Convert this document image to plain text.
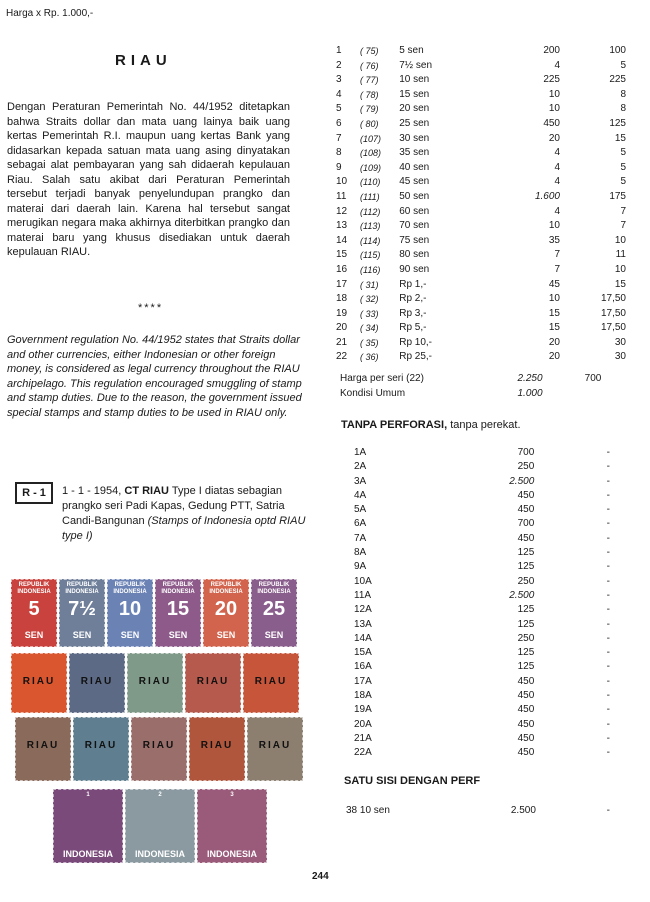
Harga x Rp. 1.000,-
RIAU
Dengan Peraturan Pemerintah No. 44/1952 ditetapkan bahwa Straits dollar dan mata uang lainya baik uang kertas Pemerintah R.I. maupun uang kertas Bank yang didasarkan kepada satuan mata uang asing dinyatakan sebagai alat pembayaran yang sah didaerah kepulauan Riau. Salah satu akibat dari Peraturan Pemerintah tersebut terjadi banyak penyelundupan prangko dan materai dari daerah lain. Karena hal tersebut sangat merugikan negara maka akhirnya diterbitkan prangko dan materai baru yang khusus disediakan untuk daerah kepulauan RIAU.
****
Government regulation No. 44/1952 states that Straits dollar and other currencies, either Indonesian or other foreign money, is considered as legal currency throughout the RIAU archipelago. This regulation encouraged smuggling of stamp and stamp duties. Due to the reason, the government issued special stamps and stamp duties to be used in RIAU only.
R - 1	1 - 1 - 1954, CT RIAU Type I diatas sebagian prangko seri Padi Kapas, Gedung PTT, Satria Candi-Bangunan (Stamps of Indonesia optd RIAU type I)
REPUBLIK INDONESIA
5
SEN
REPUBLIK INDONESIA
7½
SEN
REPUBLIK INDONESIA
10
SEN
REPUBLIK INDONESIA
15
SEN
REPUBLIK INDONESIA
20
SEN
REPUBLIK INDONESIA
25
SEN
RIAU	RIAU	RIAU	RIAU	RIAU
RIAU	RIAU	RIAU	RIAU	RIAU
1
INDONESIA
2
INDONESIA
3
INDONESIA
1	( 75)	5 sen	200	100
2	( 76)	7½ sen	4	5
3	( 77)	10 sen	225	225
4	( 78)	15 sen	10	8
5	( 79)	20 sen	10	8
6	( 80)	25 sen	450	125
7	(107)	30 sen	20	15
8	(108)	35 sen	4	5
9	(109)	40 sen	4	5
10	(110)	45 sen	4	5
11	(111)	50 sen	1.600	175
12	(112)	60 sen	4	7
13	(113)	70 sen	10	7
14	(114)	75 sen	35	10
15	(115)	80 sen	7	11
16	(116)	90 sen	7	10
17	( 31)	Rp 1,-	45	15
18	( 32)	Rp 2,-	10	17,50
19	( 33)	Rp 3,-	15	17,50
20	( 34)	Rp 5,-	15	17,50
21	( 35)	Rp 10,-	20	30
22	( 36)	Rp 25,-	20	30
Harga per seri (22)	2.250	700
Kondisi Umum	1.000	
TANPA PERFORASI, tanpa perekat.
1A	700	-
2A	250	-
3A	2.500	-
4A	450	-
5A	450	-
6A	700	-
7A	450	-
8A	125	-
9A	125	-
10A	250	-
11A	2.500	-
12A	125	-
13A	125	-
14A	250	-
15A	125	-
16A	125	-
17A	450	-
18A	450	-
19A	450	-
20A	450	-
21A	450	-
22A	450	-
SATU SISI DENGAN PERF
38 10 sen	2.500	-
244
